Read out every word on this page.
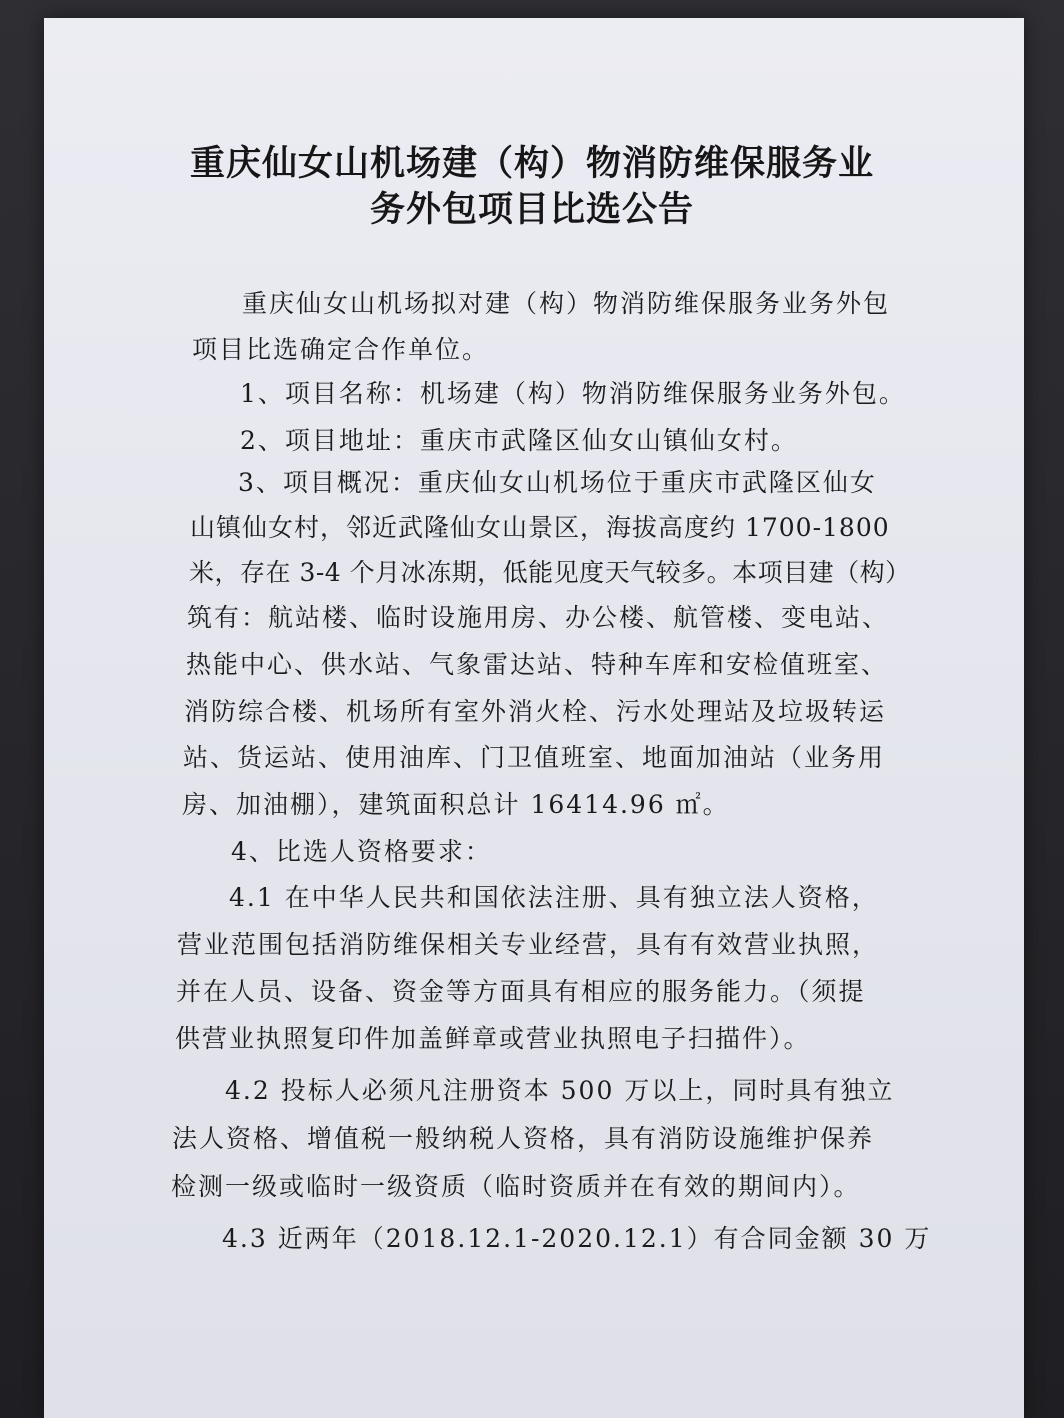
重庆仙女山机场建（构）物消防维保服务业
务外包项目比选公告
重庆仙女山机场拟对建（构）物消防维保服务业务外包
项目比选确定合作单位。
1、项目名称：机场建（构）物消防维保服务业务外包。
2、项目地址：重庆市武隆区仙女山镇仙女村。
3、项目概况：重庆仙女山机场位于重庆市武隆区仙女
山镇仙女村，邻近武隆仙女山景区，海拔高度约 1700-1800
米，存在 3-4 个月冰冻期，低能见度天气较多。本项目建（构）
筑有：航站楼、临时设施用房、办公楼、航管楼、变电站、
热能中心、供水站、气象雷达站、特种车库和安检值班室、
消防综合楼、机场所有室外消火栓、污水处理站及垃圾转运
站、货运站、使用油库、门卫值班室、地面加油站（业务用
房、加油棚），建筑面积总计 16414.96 ㎡。
4、比选人资格要求：
4.1 在中华人民共和国依法注册、具有独立法人资格，
营业范围包括消防维保相关专业经营，具有有效营业执照，
并在人员、设备、资金等方面具有相应的服务能力。（须提
供营业执照复印件加盖鲜章或营业执照电子扫描件）。
4.2 投标人必须凡注册资本 500 万以上，同时具有独立
法人资格、增值税一般纳税人资格，具有消防设施维护保养
检测一级或临时一级资质（临时资质并在有效的期间内）。
4.3 近两年（2018.12.1-2020.12.1）有合同金额 30 万
